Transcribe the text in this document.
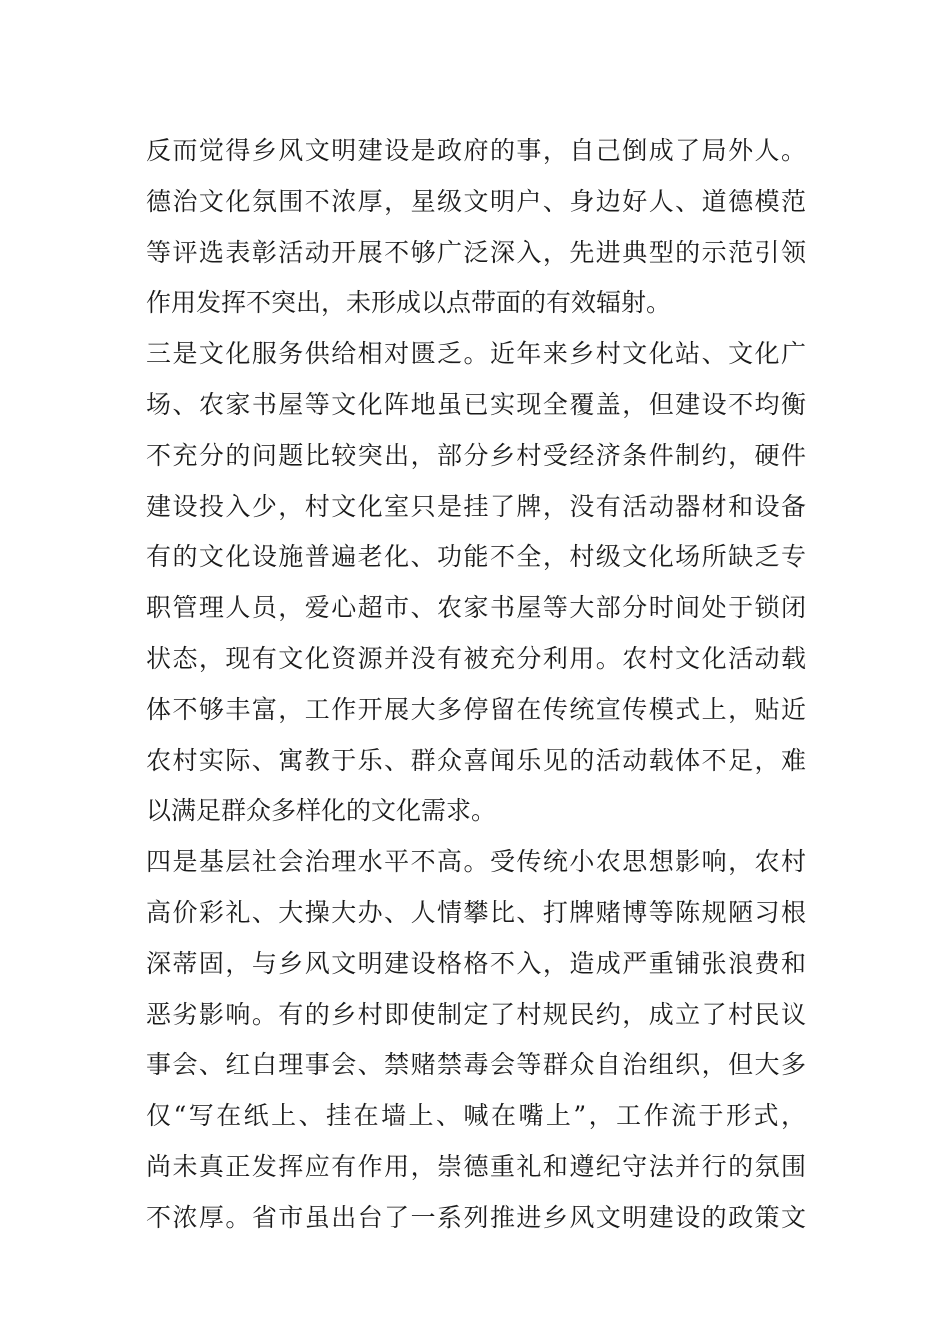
反而觉得乡风文明建设是政府的事，自己倒成了局外人。
德治文化氛围不浓厚，星级文明户、身边好人、道德模范
等评选表彰活动开展不够广泛深入，先进典型的示范引领
作用发挥不突出，未形成以点带面的有效辐射。
三是文化服务供给相对匮乏。近年来乡村文化站、文化广
场、农家书屋等文化阵地虽已实现全覆盖，但建设不均衡
不充分的问题比较突出，部分乡村受经济条件制约，硬件
建设投入少，村文化室只是挂了牌，没有活动器材和设备
有的文化设施普遍老化、功能不全，村级文化场所缺乏专
职管理人员，爱心超市、农家书屋等大部分时间处于锁闭
状态，现有文化资源并没有被充分利用。农村文化活动载
体不够丰富，工作开展大多停留在传统宣传模式上，贴近
农村实际、寓教于乐、群众喜闻乐见的活动载体不足，难
以满足群众多样化的文化需求。
四是基层社会治理水平不高。受传统小农思想影响，农村
高价彩礼、大操大办、人情攀比、打牌赌博等陈规陋习根
深蒂固，与乡风文明建设格格不入，造成严重铺张浪费和
恶劣影响。有的乡村即使制定了村规民约，成立了村民议
事会、红白理事会、禁赌禁毒会等群众自治组织，但大多
仅“写在纸上、挂在墙上、喊在嘴上”，工作流于形式，
尚未真正发挥应有作用，崇德重礼和遵纪守法并行的氛围
不浓厚。省市虽出台了一系列推进乡风文明建设的政策文
